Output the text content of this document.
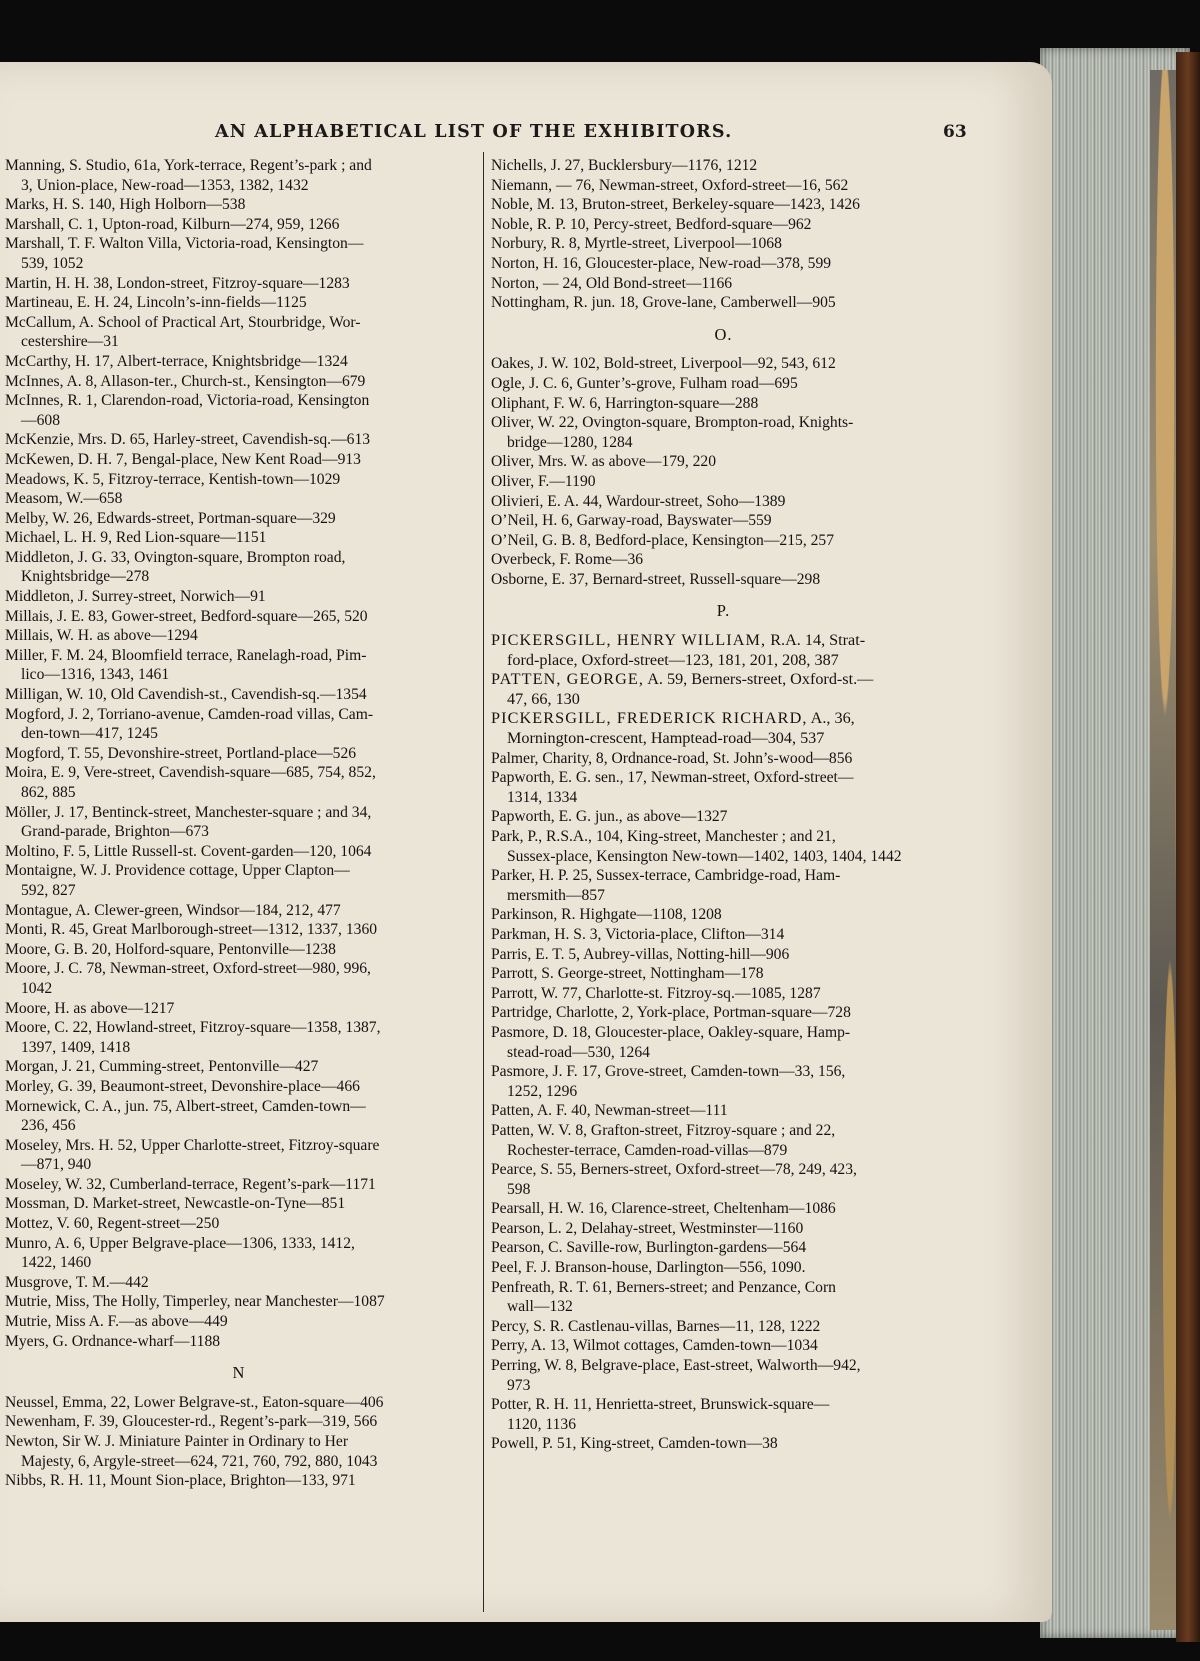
AN ALPHABETICAL LIST OF THE EXHIBITORS.	63
Manning, S. Studio, 61a, York-terrace, Regent’s-park ; and
3, Union-place, New-road—1353, 1382, 1432
Marks, H. S. 140, High Holborn—538
Marshall, C. 1, Upton-road, Kilburn—274, 959, 1266
Marshall, T. F. Walton Villa, Victoria-road, Kensington—
539, 1052
Martin, H. H. 38, London-street, Fitzroy-square—1283
Martineau, E. H. 24, Lincoln’s-inn-fields—1125
McCallum, A. School of Practical Art, Stourbridge, Wor-
cestershire—31
McCarthy, H. 17, Albert-terrace, Knightsbridge—1324
McInnes, A. 8, Allason-ter., Church-st., Kensington—679
McInnes, R. 1, Clarendon-road, Victoria-road, Kensington
—608
McKenzie, Mrs. D. 65, Harley-street, Cavendish-sq.—613
McKewen, D. H. 7, Bengal-place, New Kent Road—913
Meadows, K. 5, Fitzroy-terrace, Kentish-town—1029
Measom, W.—658
Melby, W. 26, Edwards-street, Portman-square—329
Michael, L. H. 9, Red Lion-square—1151
Middleton, J. G. 33, Ovington-square, Brompton road,
Knightsbridge—278
Middleton, J. Surrey-street, Norwich—91
Millais, J. E. 83, Gower-street, Bedford-square—265, 520
Millais, W. H. as above—1294
Miller, F. M. 24, Bloomfield terrace, Ranelagh-road, Pim-
lico—1316, 1343, 1461
Milligan, W. 10, Old Cavendish-st., Cavendish-sq.—1354
Mogford, J. 2, Torriano-avenue, Camden-road villas, Cam-
den-town—417, 1245
Mogford, T. 55, Devonshire-street, Portland-place—526
Moira, E. 9, Vere-street, Cavendish-square—685, 754, 852,
862, 885
Möller, J. 17, Bentinck-street, Manchester-square ; and 34,
Grand-parade, Brighton—673
Moltino, F. 5, Little Russell-st. Covent-garden—120, 1064
Montaigne, W. J. Providence cottage, Upper Clapton—
592, 827
Montague, A. Clewer-green, Windsor—184, 212, 477
Monti, R. 45, Great Marlborough-street—1312, 1337, 1360
Moore, G. B. 20, Holford-square, Pentonville—1238
Moore, J. C. 78, Newman-street, Oxford-street—980, 996,
1042
Moore, H. as above—1217
Moore, C. 22, Howland-street, Fitzroy-square—1358, 1387,
1397, 1409, 1418
Morgan, J. 21, Cumming-street, Pentonville—427
Morley, G. 39, Beaumont-street, Devonshire-place—466
Mornewick, C. A., jun. 75, Albert-street, Camden-town—
236, 456
Moseley, Mrs. H. 52, Upper Charlotte-street, Fitzroy-square
—871, 940
Moseley, W. 32, Cumberland-terrace, Regent’s-park—1171
Mossman, D. Market-street, Newcastle-on-Tyne—851
Mottez, V. 60, Regent-street—250
Munro, A. 6, Upper Belgrave-place—1306, 1333, 1412,
1422, 1460
Musgrove, T. M.—442
Mutrie, Miss, The Holly, Timperley, near Manchester—1087
Mutrie, Miss A. F.—as above—449
Myers, G. Ordnance-wharf—1188
N
Neussel, Emma, 22, Lower Belgrave-st., Eaton-square—406
Newenham, F. 39, Gloucester-rd., Regent’s-park—319, 566
Newton, Sir W. J. Miniature Painter in Ordinary to Her
Majesty, 6, Argyle-street—624, 721, 760, 792, 880, 1043
Nibbs, R. H. 11, Mount Sion-place, Brighton—133, 971
Nichells, J. 27, Bucklersbury—1176, 1212
Niemann, — 76, Newman-street, Oxford-street—16, 562
Noble, M. 13, Bruton-street, Berkeley-square—1423, 1426
Noble, R. P. 10, Percy-street, Bedford-square—962
Norbury, R. 8, Myrtle-street, Liverpool—1068
Norton, H. 16, Gloucester-place, New-road—378, 599
Norton, — 24, Old Bond-street—1166
Nottingham, R. jun. 18, Grove-lane, Camberwell—905
O.
Oakes, J. W. 102, Bold-street, Liverpool—92, 543, 612
Ogle, J. C. 6, Gunter’s-grove, Fulham road—695
Oliphant, F. W. 6, Harrington-square—288
Oliver, W. 22, Ovington-square, Brompton-road, Knights-
bridge—1280, 1284
Oliver, Mrs. W. as above—179, 220
Oliver, F.—1190
Olivieri, E. A. 44, Wardour-street, Soho—1389
O’Neil, H. 6, Garway-road, Bayswater—559
O’Neil, G. B. 8, Bedford-place, Kensington—215, 257
Overbeck, F. Rome—36
Osborne, E. 37, Bernard-street, Russell-square—298
P.
PICKERSGILL, HENRY WILLIAM, R.A. 14, Strat-
ford-place, Oxford-street—123, 181, 201, 208, 387
PATTEN, GEORGE, A. 59, Berners-street, Oxford-st.—
47, 66, 130
PICKERSGILL, FREDERICK RICHARD, A., 36,
Mornington-crescent, Hamptead-road—304, 537
Palmer, Charity, 8, Ordnance-road, St. John’s-wood—856
Papworth, E. G. sen., 17, Newman-street, Oxford-street—
1314, 1334
Papworth, E. G. jun., as above—1327
Park, P., R.S.A., 104, King-street, Manchester ; and 21,
Sussex-place, Kensington New-town—1402, 1403, 1404, 1442
Parker, H. P. 25, Sussex-terrace, Cambridge-road, Ham-
mersmith—857
Parkinson, R. Highgate—1108, 1208
Parkman, H. S. 3, Victoria-place, Clifton—314
Parris, E. T. 5, Aubrey-villas, Notting-hill—906
Parrott, S. George-street, Nottingham—178
Parrott, W. 77, Charlotte-st. Fitzroy-sq.—1085, 1287
Partridge, Charlotte, 2, York-place, Portman-square—728
Pasmore, D. 18, Gloucester-place, Oakley-square, Hamp-
stead-road—530, 1264
Pasmore, J. F. 17, Grove-street, Camden-town—33, 156,
1252, 1296
Patten, A. F. 40, Newman-street—111
Patten, W. V. 8, Grafton-street, Fitzroy-square ; and 22,
Rochester-terrace, Camden-road-villas—879
Pearce, S. 55, Berners-street, Oxford-street—78, 249, 423,
598
Pearsall, H. W. 16, Clarence-street, Cheltenham—1086
Pearson, L. 2, Delahay-street, Westminster—1160
Pearson, C. Saville-row, Burlington-gardens—564
Peel, F. J. Branson-house, Darlington—556, 1090.
Penfreath, R. T. 61, Berners-street; and Penzance, Corn
wall—132
Percy, S. R. Castlenau-villas, Barnes—11, 128, 1222
Perry, A. 13, Wilmot cottages, Camden-town—1034
Perring, W. 8, Belgrave-place, East-street, Walworth—942,
973
Potter, R. H. 11, Henrietta-street, Brunswick-square—
1120, 1136
Powell, P. 51, King-street, Camden-town—38
